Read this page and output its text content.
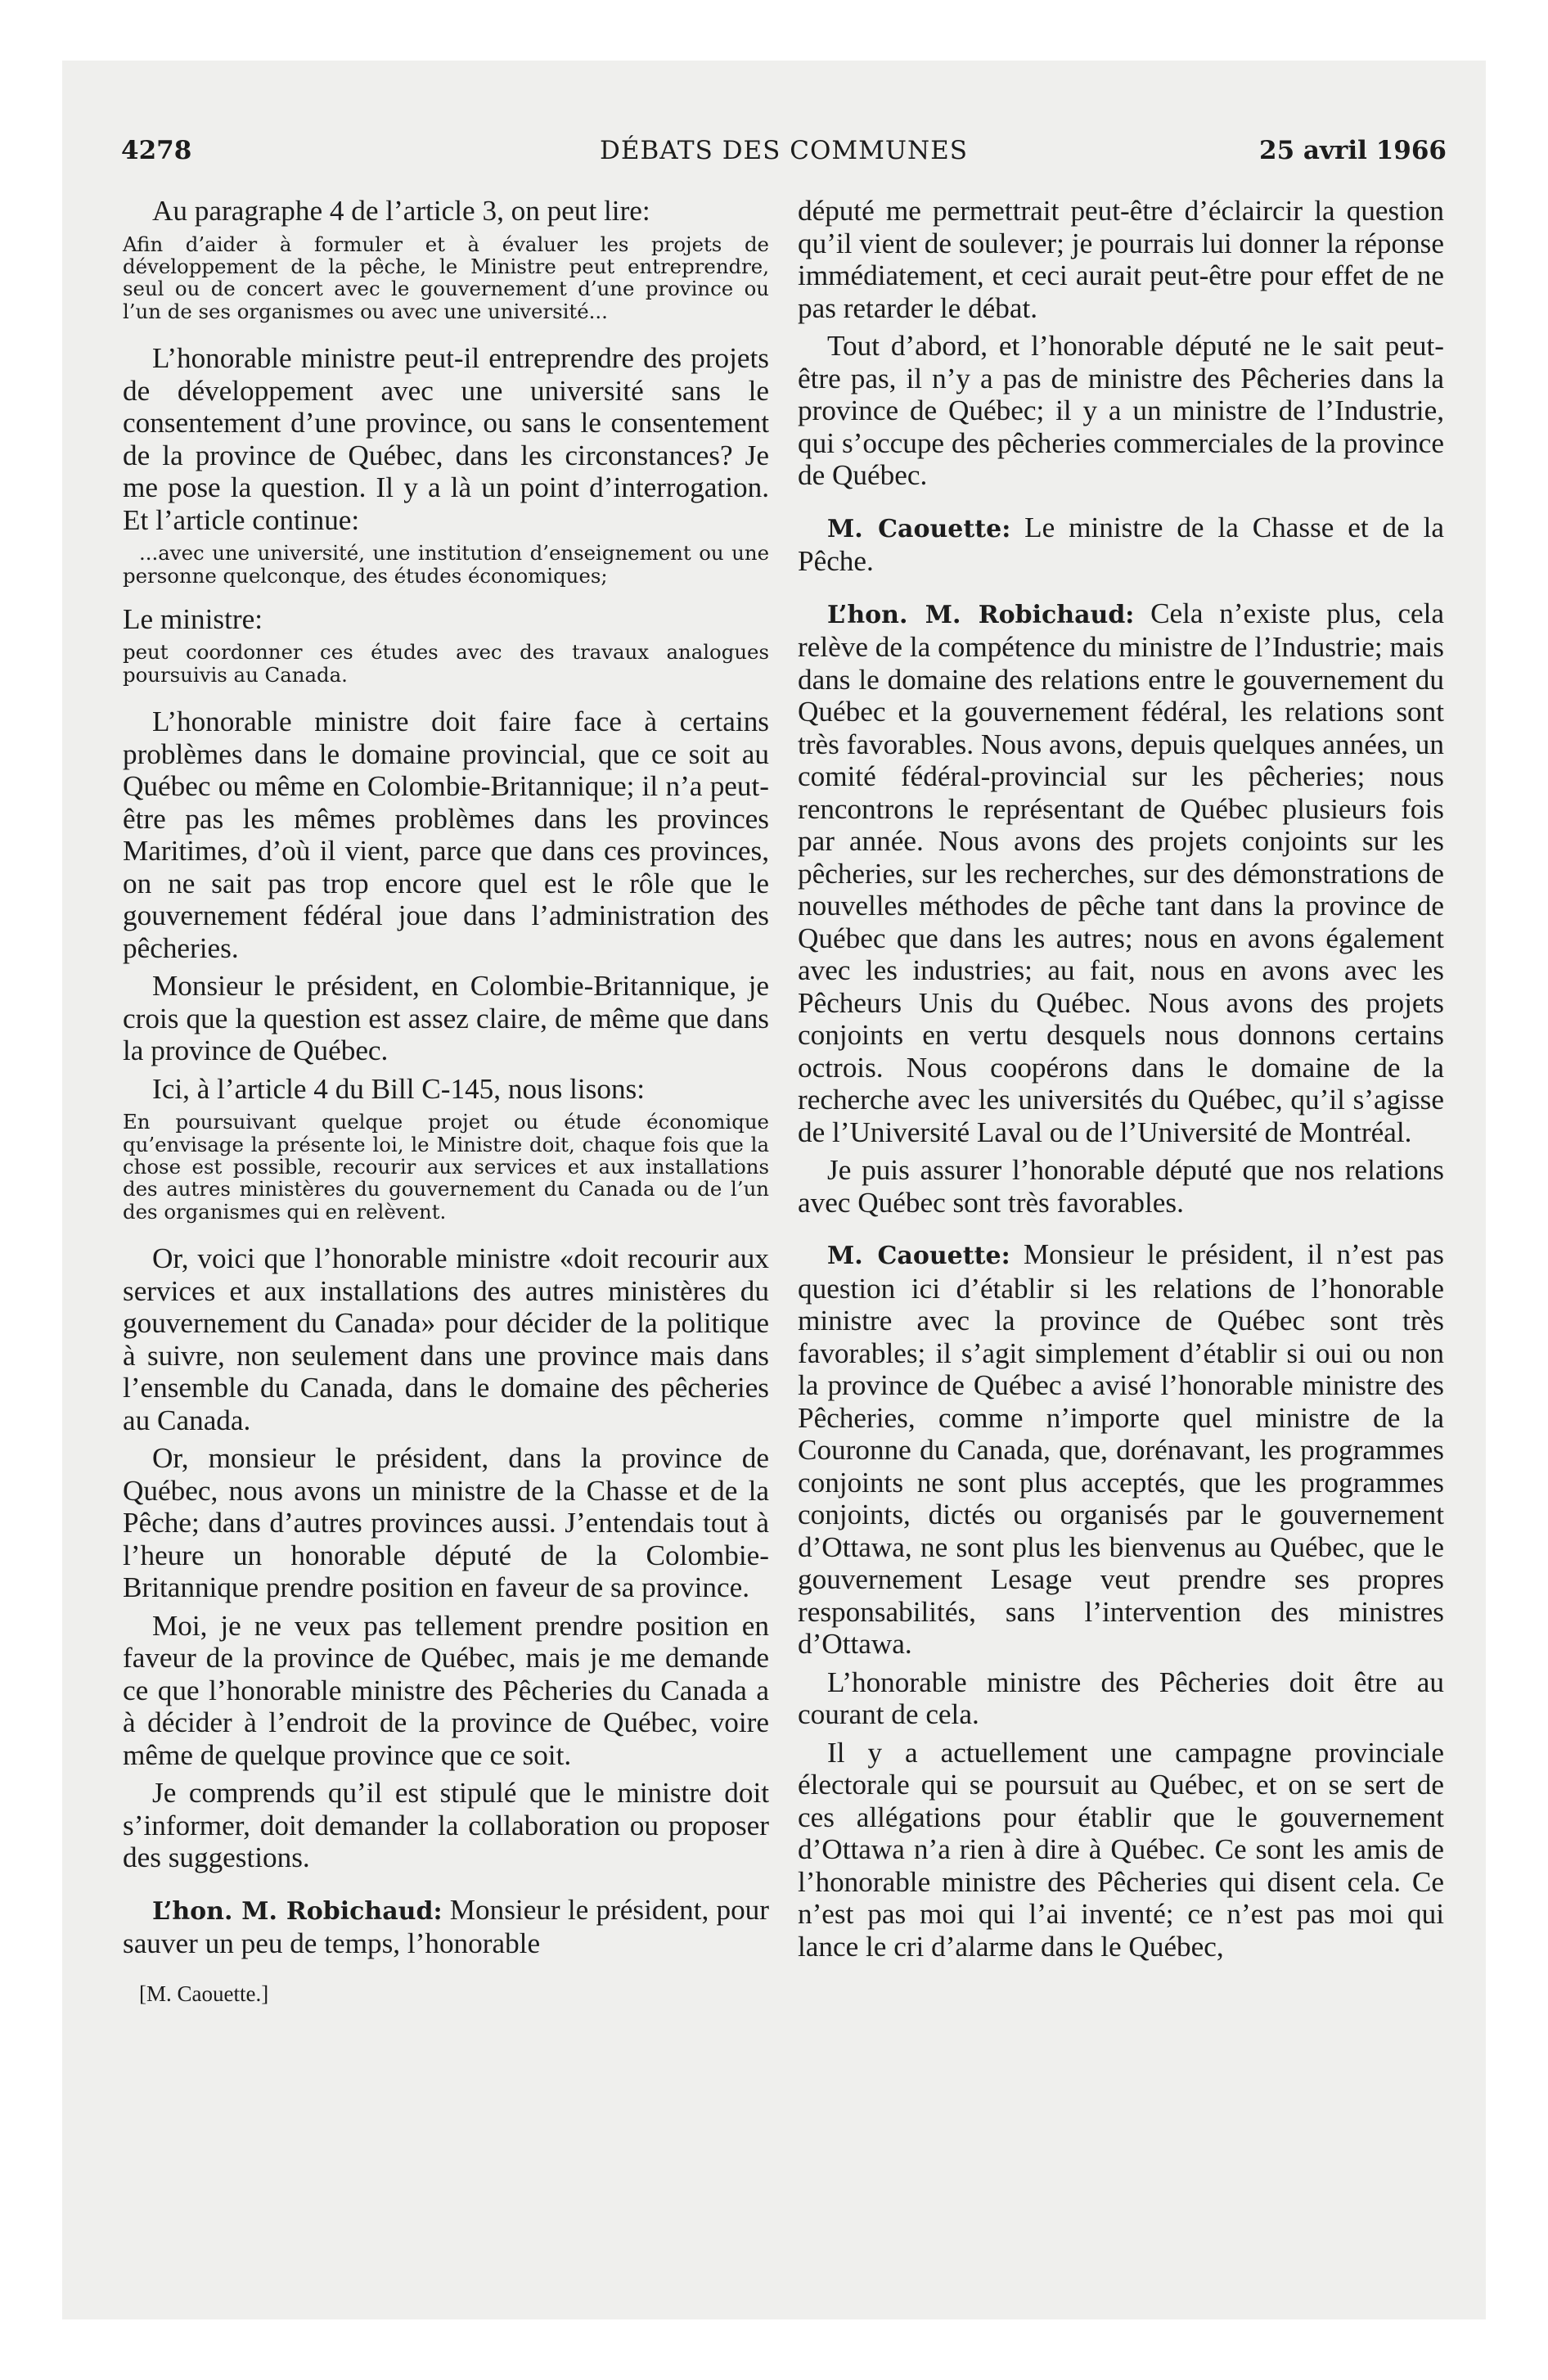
DÉBATS DES COMMUNES
4278	25 avril 1966

Au paragraphe 4 de l’article 3, on peut lire:

Afin d’aider à formuler et à évaluer les projets de développement de la pêche, le Ministre peut entreprendre, seul ou de concert avec le gouvernement d’une province ou l’un de ses organismes ou avec une université...

L’honorable ministre peut-il entreprendre des projets de développement avec une université sans le consentement d’une province, ou sans le consentement de la province de Québec, dans les circonstances? Je me pose la question. Il y a là un point d’interrogation. Et l’article continue:

...avec une université, une institution d’enseignement ou une personne quelconque, des études économiques;

Le ministre:

peut coordonner ces études avec des travaux analogues poursuivis au Canada.

L’honorable ministre doit faire face à certains problèmes dans le domaine provincial, que ce soit au Québec ou même en Colombie-Britannique; il n’a peut-être pas les mêmes problèmes dans les provinces Maritimes, d’où il vient, parce que dans ces provinces, on ne sait pas trop encore quel est le rôle que le gouvernement fédéral joue dans l’administration des pêcheries.

Monsieur le président, en Colombie-Britannique, je crois que la question est assez claire, de même que dans la province de Québec.

Ici, à l’article 4 du Bill C-145, nous lisons:

En poursuivant quelque projet ou étude économique qu’envisage la présente loi, le Ministre doit, chaque fois que la chose est possible, recourir aux services et aux installations des autres ministères du gouvernement du Canada ou de l’un des organismes qui en relèvent.

Or, voici que l’honorable ministre «doit recourir aux services et aux installations des autres ministères du gouvernement du Canada» pour décider de la politique à suivre, non seulement dans une province mais dans l’ensemble du Canada, dans le domaine des pêcheries au Canada.

Or, monsieur le président, dans la province de Québec, nous avons un ministre de la Chasse et de la Pêche; dans d’autres provinces aussi. J’entendais tout à l’heure un honorable député de la Colombie-Britannique prendre position en faveur de sa province.

Moi, je ne veux pas tellement prendre position en faveur de la province de Québec, mais je me demande ce que l’honorable ministre des Pêcheries du Canada a à décider à l’endroit de la province de Québec, voire même de quelque province que ce soit.

Je comprends qu’il est stipulé que le ministre doit s’informer, doit demander la collaboration ou proposer des suggestions.

L’hon. M. Robichaud: Monsieur le président, pour sauver un peu de temps, l’honorable

[M. Caouette.]

député me permettrait peut-être d’éclaircir la question qu’il vient de soulever; je pourrais lui donner la réponse immédiatement, et ceci aurait peut-être pour effet de ne pas retarder le débat.

Tout d’abord, et l’honorable député ne le sait peut-être pas, il n’y a pas de ministre des Pêcheries dans la province de Québec; il y a un ministre de l’Industrie, qui s’occupe des pêcheries commerciales de la province de Québec.

M. Caouette: Le ministre de la Chasse et de la Pêche.

L’hon. M. Robichaud: Cela n’existe plus, cela relève de la compétence du ministre de l’Industrie; mais dans le domaine des relations entre le gouvernement du Québec et la gouvernement fédéral, les relations sont très favorables. Nous avons, depuis quelques années, un comité fédéral-provincial sur les pêcheries; nous rencontrons le représentant de Québec plusieurs fois par année. Nous avons des projets conjoints sur les pêcheries, sur les recherches, sur des démonstrations de nouvelles méthodes de pêche tant dans la province de Québec que dans les autres; nous en avons également avec les industries; au fait, nous en avons avec les Pêcheurs Unis du Québec. Nous avons des projets conjoints en vertu desquels nous donnons certains octrois. Nous coopérons dans le domaine de la recherche avec les universités du Québec, qu’il s’agisse de l’Université Laval ou de l’Université de Montréal.

Je puis assurer l’honorable député que nos relations avec Québec sont très favorables.

M. Caouette: Monsieur le président, il n’est pas question ici d’établir si les relations de l’honorable ministre avec la province de Québec sont très favorables; il s’agit simplement d’établir si oui ou non la province de Québec a avisé l’honorable ministre des Pêcheries, comme n’importe quel ministre de la Couronne du Canada, que, dorénavant, les programmes conjoints ne sont plus acceptés, que les programmes conjoints, dictés ou organisés par le gouvernement d’Ottawa, ne sont plus les bienvenus au Québec, que le gouvernement Lesage veut prendre ses propres responsabilités, sans l’intervention des ministres d’Ottawa.

L’honorable ministre des Pêcheries doit être au courant de cela.

Il y a actuellement une campagne provinciale électorale qui se poursuit au Québec, et on se sert de ces allégations pour établir que le gouvernement d’Ottawa n’a rien à dire à Québec. Ce sont les amis de l’honorable ministre des Pêcheries qui disent cela. Ce n’est pas moi qui l’ai inventé; ce n’est pas moi qui lance le cri d’alarme dans le Québec,
